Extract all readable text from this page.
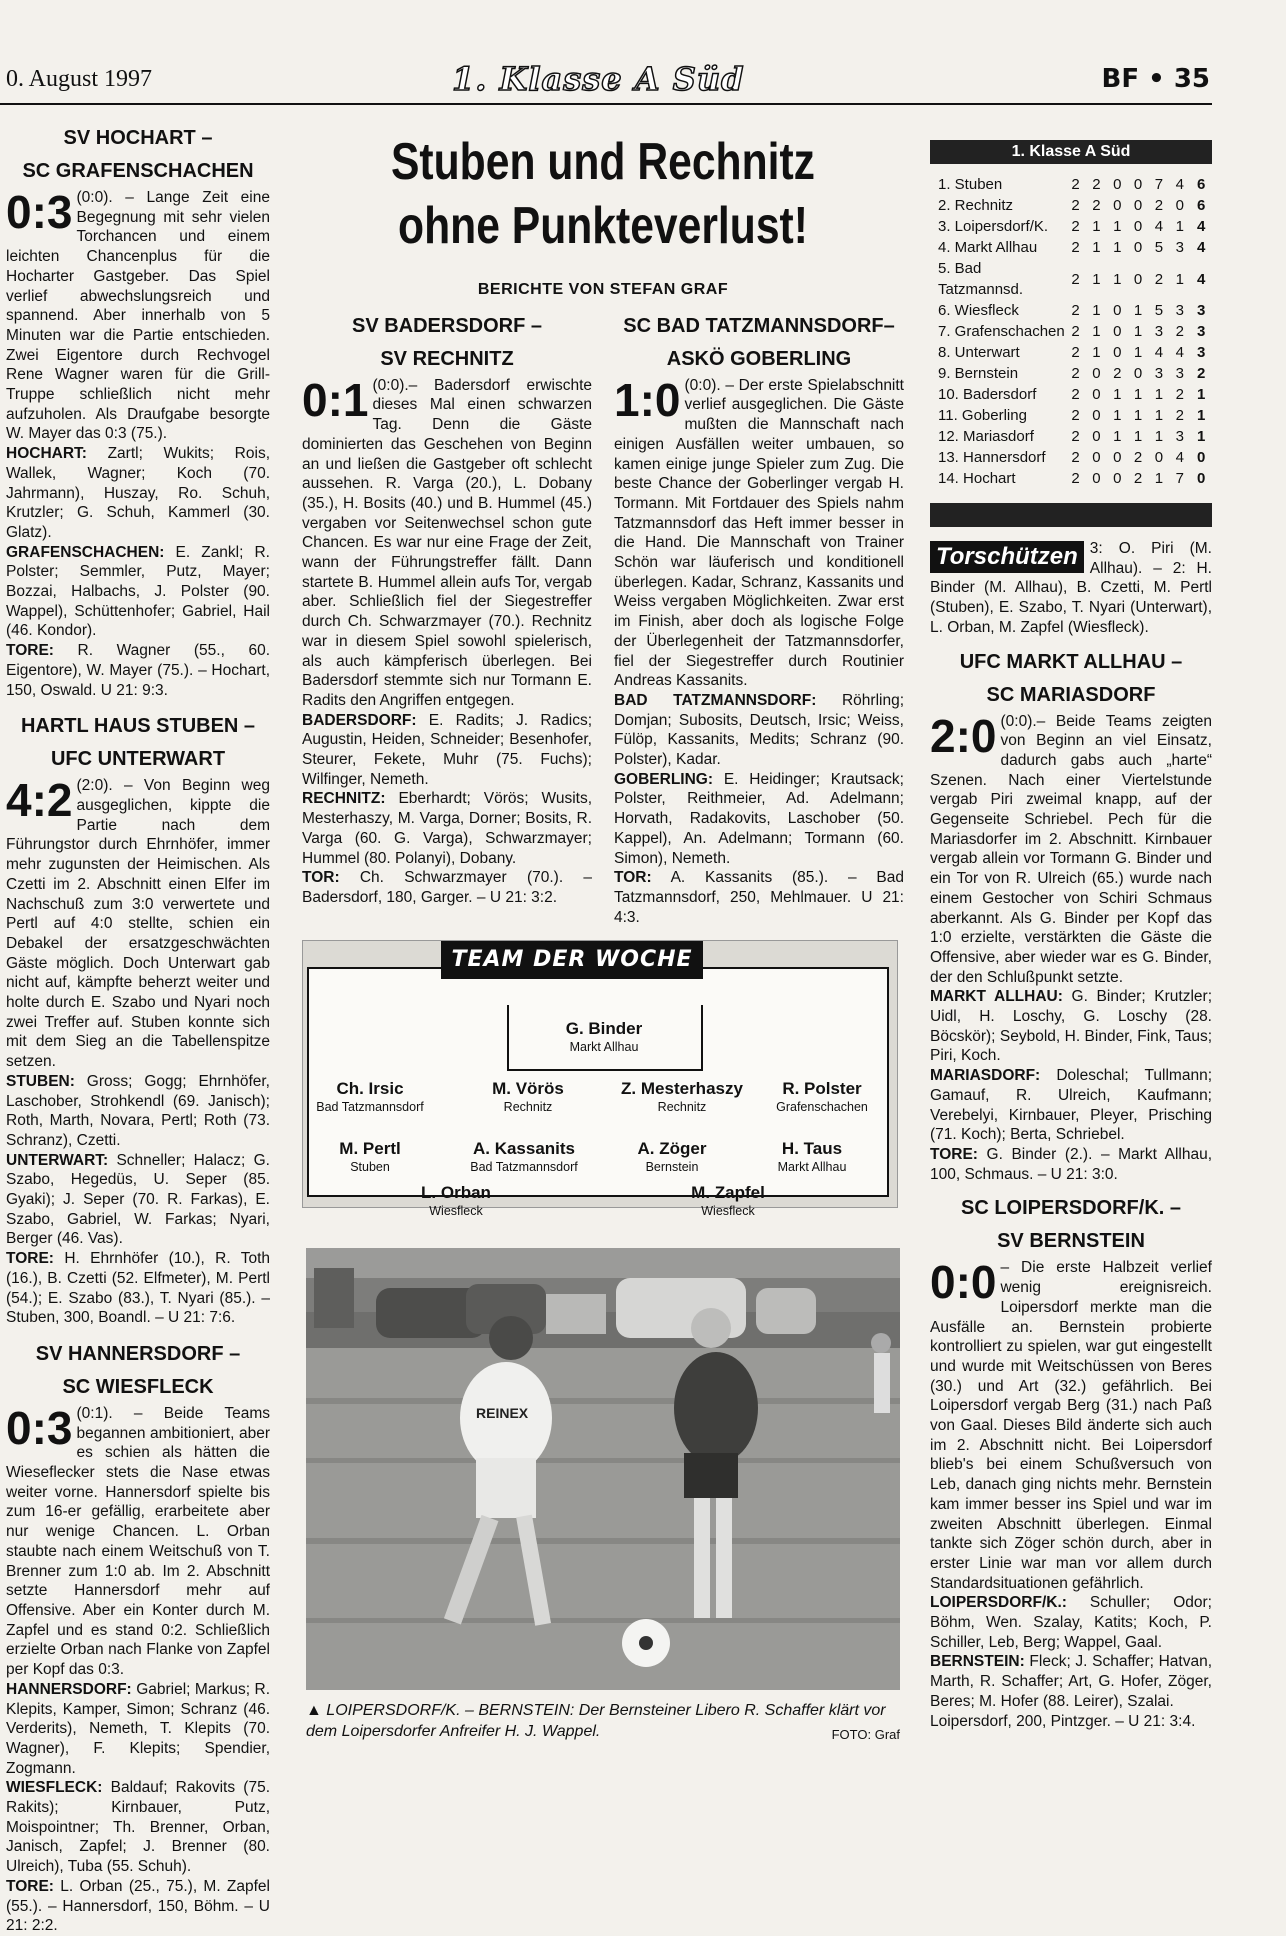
0. August 1997	1. Klasse A Süd	BF • 35
SV HOCHART –
SC GRAFENSCHACHEN

0:3 (0:0). – Lange Zeit eine Begegnung mit sehr vielen Torchancen und einem leichten Chancenplus für die Hocharter Gastgeber. Das Spiel verlief abwechslungsreich und spannend. Aber innerhalb von 5 Minuten war die Partie entschieden. Zwei Eigentore durch Rechvogel Rene Wagner waren für die Grill-Truppe schließlich nicht mehr aufzuholen. Als Draufgabe besorgte W. Mayer das 0:3 (75.).

HOCHART: Zartl; Wukits; Rois, Wallek, Wagner; Koch (70. Jahrmann), Huszay, Ro. Schuh, Krutzler; G. Schuh, Kammerl (30. Glatz).

GRAFENSCHACHEN: E. Zankl; R. Polster; Semmler, Putz, Mayer; Bozzai, Halbachs, J. Polster (90. Wappel), Schüttenhofer; Gabriel, Hail (46. Kondor).

TORE: R. Wagner (55., 60. Eigentore), W. Mayer (75.). – Hochart, 150, Oswald. U 21: 9:3.

HARTL HAUS STUBEN –
UFC UNTERWART

4:2 (2:0). – Von Beginn weg ausgeglichen, kippte die Partie nach dem Führungstor durch Ehrnhöfer, immer mehr zugunsten der Heimischen. Als Czetti im 2. Abschnitt einen Elfer im Nachschuß zum 3:0 verwertete und Pertl auf 4:0 stellte, schien ein Debakel der ersatzgeschwächten Gäste möglich. Doch Unterwart gab nicht auf, kämpfte beherzt weiter und holte durch E. Szabo und Nyari noch zwei Treffer auf. Stuben konnte sich mit dem Sieg an die Tabellenspitze setzen.

STUBEN: Gross; Gogg; Ehrnhöfer, Laschober, Strohkendl (69. Janisch); Roth, Marth, Novara, Pertl; Roth (73. Schranz), Czetti.

UNTERWART: Schneller; Halacz; G. Szabo, Hegedüs, U. Seper (85. Gyaki); J. Seper (70. R. Farkas), E. Szabo, Gabriel, W. Farkas; Nyari, Berger (46. Vas).

TORE: H. Ehrnhöfer (10.), R. Toth (16.), B. Czetti (52. Elfmeter), M. Pertl (54.); E. Szabo (83.), T. Nyari (85.). – Stuben, 300, Boandl. – U 21: 7:6.

SV HANNERSDORF –
SC WIESFLECK

0:3 (0:1). – Beide Teams begannen ambitioniert, aber es schien als hätten die Wieseflecker stets die Nase etwas weiter vorne. Hannersdorf spielte bis zum 16-er gefällig, erarbeitete aber nur wenige Chancen. L. Orban staubte nach einem Weitschuß von T. Brenner zum 1:0 ab. Im 2. Abschnitt setzte Hannersdorf mehr auf Offensive. Aber ein Konter durch M. Zapfel und es stand 0:2. Schließlich erzielte Orban nach Flanke von Zapfel per Kopf das 0:3.

HANNERSDORF: Gabriel; Markus; R. Klepits, Kamper, Simon; Schranz (46. Verderits), Nemeth, T. Klepits (70. Wagner), F. Klepits; Spendier, Zogmann.

WIESFLECK: Baldauf; Rakovits (75. Rakits); Kirnbauer, Putz, Moispointner; Th. Brenner, Orban, Janisch, Zapfel; J. Brenner (80. Ulreich), Tuba (55. Schuh).

TORE: L. Orban (25., 75.), M. Zapfel (55.). – Hannersdorf, 150, Böhm. – U 21: 2:2.

Stuben und Rechnitz
ohne Punkteverlust!
BERICHTE VON STEFAN GRAF
SV BADERSDORF –
SV RECHNITZ

0:1 (0:0).– Badersdorf erwischte dieses Mal einen schwarzen Tag. Denn die Gäste dominierten das Geschehen von Beginn an und ließen die Gastgeber oft schlecht aussehen. R. Varga (20.), L. Dobany (35.), H. Bosits (40.) und B. Hummel (45.) vergaben vor Seitenwechsel schon gute Chancen. Es war nur eine Frage der Zeit, wann der Führungstreffer fällt. Dann startete B. Hummel allein aufs Tor, vergab aber. Schließlich fiel der Siegestreffer durch Ch. Schwarzmayer (70.). Rechnitz war in diesem Spiel sowohl spielerisch, als auch kämpferisch überlegen. Bei Badersdorf stemmte sich nur Tormann E. Radits den Angriffen entgegen.

BADERSDORF: E. Radits; J. Radics; Augustin, Heiden, Schneider; Besenhofer, Steurer, Fekete, Muhr (75. Fuchs); Wilfinger, Nemeth.

RECHNITZ: Eberhardt; Vörös; Wusits, Mesterhaszy, M. Varga, Dorner; Bosits, R. Varga (60. G. Varga), Schwarzmayer; Hummel (80. Polanyi), Dobany.

TOR: Ch. Schwarzmayer (70.). – Badersdorf, 180, Garger. – U 21: 3:2.

SC BAD TATZMANNSDORF–
ASKÖ GOBERLING

1:0 (0:0). – Der erste Spielabschnitt verlief ausgeglichen. Die Gäste mußten die Mannschaft nach einigen Ausfällen weiter umbauen, so kamen einige junge Spieler zum Zug. Die beste Chance der Goberlinger vergab H. Tormann. Mit Fortdauer des Spiels nahm Tatzmannsdorf das Heft immer besser in die Hand. Die Mannschaft von Trainer Schön war läuferisch und konditionell überlegen. Kadar, Schranz, Kassanits und Weiss vergaben Möglichkeiten. Zwar erst im Finish, aber doch als logische Folge der Überlegenheit der Tatzmannsdorfer, fiel der Siegestreffer durch Routinier Andreas Kassanits.

BAD TATZMANNSDORF: Röhrling; Domjan; Subosits, Deutsch, Irsic; Weiss, Fülöp, Kassanits, Medits; Schranz (90. Polster), Kadar.

GOBERLING: E. Heidinger; Krautsack; Polster, Reithmeier, Ad. Adelmann; Horvath, Radakovits, Laschober (50. Kappel), An. Adelmann; Tormann (60. Simon), Nemeth.

TOR: A. Kassanits (85.). – Bad Tatzmannsdorf, 250, Mehlmauer. U 21: 4:3.

G. Binder
Markt Allhau
Ch. Irsic
Bad Tatzmannsdorf
M. Vörös
Rechnitz
Z. Mesterhaszy
Rechnitz
R. Polster
Grafenschachen
M. Pertl
Stuben
A. Kassanits
Bad Tatzmannsdorf
A. Zöger
Bernstein
H. Taus
Markt Allhau
L. Orban
Wiesfleck
M. Zapfel
Wiesfleck
TEAM DER WOCHE
REINEX
▲ LOIPERSDORF/K. – BERNSTEIN: Der Bernsteiner Libero R. Schaffer klärt vor dem Loipersdorfer Anfreifer H. J. Wappel.	FOTO: Graf
1. Klasse A Süd
1. Stuben	2	2	0	0	7	4	6
2. Rechnitz	2	2	0	0	2	0	6
3. Loipersdorf/K.	2	1	1	0	4	1	4
4. Markt Allhau	2	1	1	0	5	3	4
5. Bad Tatzmannsd.	2	1	1	0	2	1	4
6. Wiesfleck	2	1	0	1	5	3	3
7. Grafenschachen	2	1	0	1	3	2	3
8. Unterwart	2	1	0	1	4	4	3
9. Bernstein	2	0	2	0	3	3	2
10. Badersdorf	2	0	1	1	1	2	1
11. Goberling	2	0	1	1	1	2	1
12. Mariasdorf	2	0	1	1	1	3	1
13. Hannersdorf	2	0	0	2	0	4	0
14. Hochart	2	0	0	2	1	7	0

Torschützen 3: O. Piri (M. Allhau). – 2: H. Binder (M. Allhau), B. Czetti, M. Pertl (Stuben), E. Szabo, T. Nyari (Unterwart), L. Orban, M. Zapfel (Wiesfleck).

UFC MARKT ALLHAU –
SC MARIASDORF

2:0 (0:0).– Beide Teams zeigten von Beginn an viel Einsatz, dadurch gabs auch „harte“ Szenen. Nach einer Viertelstunde vergab Piri zweimal knapp, auf der Gegenseite Schriebel. Pech für die Mariasdorfer im 2. Abschnitt. Kirnbauer vergab allein vor Tormann G. Binder und ein Tor von R. Ulreich (65.) wurde nach einem Gestocher von Schiri Schmaus aberkannt. Als G. Binder per Kopf das 1:0 erzielte, verstärkten die Gäste die Offensive, aber wieder war es G. Binder, der den Schlußpunkt setzte.

MARKT ALLHAU: G. Binder; Krutzler; Uidl, H. Loschy, G. Loschy (28. Böcskör); Seybold, H. Binder, Fink, Taus; Piri, Koch.

MARIASDORF: Doleschal; Tullmann; Gamauf, R. Ulreich, Kaufmann; Verebelyi, Kirnbauer, Pleyer, Prisching (71. Koch); Berta, Schriebel.

TORE: G. Binder (2.). – Markt Allhau, 100, Schmaus. – U 21: 3:0.

SC LOIPERSDORF/K. –
SV BERNSTEIN

0:0 – Die erste Halbzeit verlief wenig ereignisreich. Loipersdorf merkte man die Ausfälle an. Bernstein probierte kontrolliert zu spielen, war gut eingestellt und wurde mit Weitschüssen von Beres (30.) und Art (32.) gefährlich. Bei Loipersdorf vergab Berg (31.) nach Paß von Gaal. Dieses Bild änderte sich auch im 2. Abschnitt nicht. Bei Loipersdorf blieb's bei einem Schußversuch von Leb, danach ging nichts mehr. Bernstein kam immer besser ins Spiel und war im zweiten Abschnitt überlegen. Einmal tankte sich Zöger schön durch, aber in erster Linie war man vor allem durch Standardsituationen gefährlich.

LOIPERSDORF/K.: Schuller; Odor; Böhm, Wen. Szalay, Katits; Koch, P. Schiller, Leb, Berg; Wappel, Gaal.

BERNSTEIN: Fleck; J. Schaffer; Hatvan, Marth, R. Schaffer; Art, G. Hofer, Zöger, Beres; M. Hofer (88. Leirer), Szalai.

Loipersdorf, 200, Pintzger. – U 21: 3:4.
